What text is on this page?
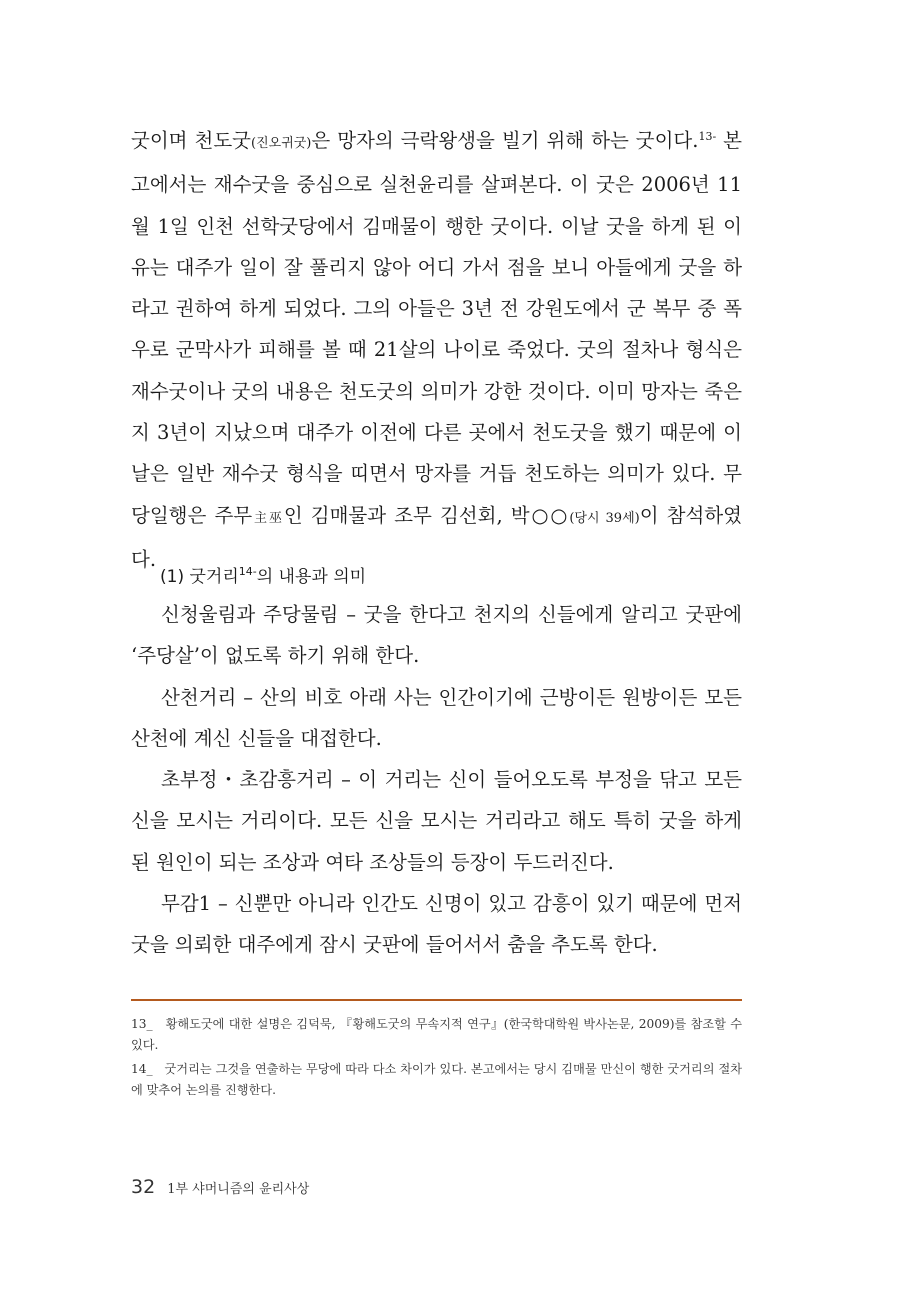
굿이며 천도굿(진오귀굿)은 망자의 극락왕생을 빌기 위해 하는 굿이다.$^{13-}$ 본고에서는 재수굿을 중심으로 실천윤리를 살펴본다. 이 굿은 2006년 11월 1일 인천 선학굿당에서 김매물이 행한 굿이다. 이날 굿을 하게 된 이유는 대주가 일이 잘 풀리지 않아 어디 가서 점을 보니 아들에게 굿을 하라고 권하여 하게 되었다. 그의 아들은 3년 전 강원도에서 군 복무 중 폭우로 군막사가 피해를 볼 때 21살의 나이로 죽었다. 굿의 절차나 형식은 재수굿이나 굿의 내용은 천도굿의 의미가 강한 것이다. 이미 망자는 죽은 지 3년이 지났으며 대주가 이전에 다른 곳에서 천도굿을 했기 때문에 이날은 일반 재수굿 형식을 띠면서 망자를 거듭 천도하는 의미가 있다. 무당일행은 주무主巫인 김매물과 조무 김선회, 박○○(당시 39세)이 참석하였다.

(1) 굿거리$^{14-}$의 내용과 의미

신청울림과 주당물림 – 굿을 한다고 천지의 신들에게 알리고 굿판에 ‘주당살’이 없도록 하기 위해 한다.

산천거리 – 산의 비호 아래 사는 인간이기에 근방이든 원방이든 모든 산천에 계신 신들을 대접한다.

초부정・초감흥거리 – 이 거리는 신이 들어오도록 부정을 닦고 모든 신을 모시는 거리이다. 모든 신을 모시는 거리라고 해도 특히 굿을 하게 된 원인이 되는 조상과 여타 조상들의 등장이 두드러진다.

무감1 – 신뿐만 아니라 인간도 신명이 있고 감흥이 있기 때문에 먼저 굿을 의뢰한 대주에게 잠시 굿판에 들어서서 춤을 추도록 한다.

13_ 황해도굿에 대한 설명은 김덕묵, 『황해도굿의 무속지적 연구』(한국학대학원 박사논문, 2009)를 참조할 수 있다.

14_ 굿거리는 그것을 연출하는 무당에 따라 다소 차이가 있다. 본고에서는 당시 김매물 만신이 행한 굿거리의 절차에 맞추어 논의를 진행한다.

32 1부 샤머니즘의 윤리사상
